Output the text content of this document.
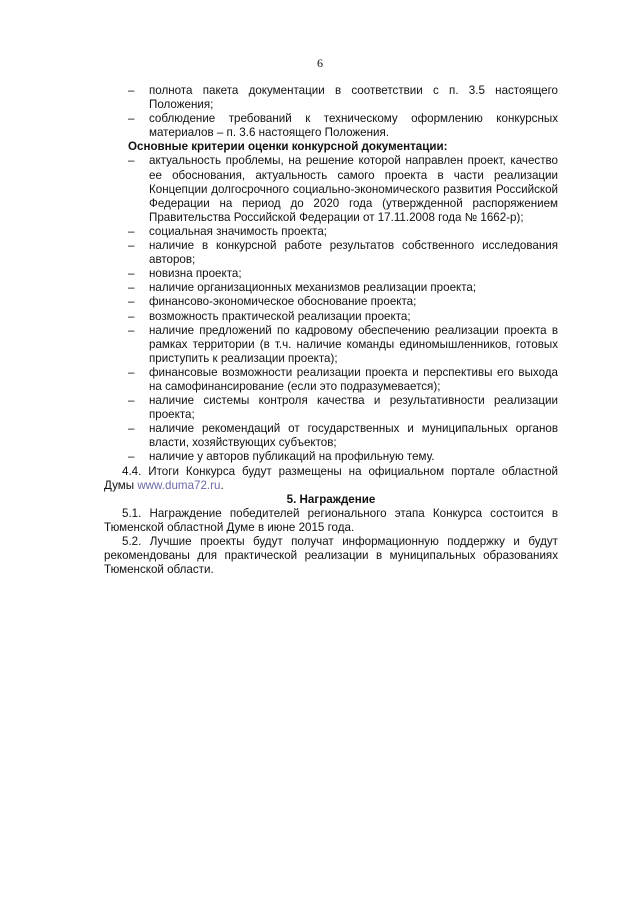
6
– полнота пакета документации в соответствии с п. 3.5 настоящего Положения;
– соблюдение требований к техническому оформлению конкурсных материалов – п. 3.6 настоящего Положения.
Основные критерии оценки конкурсной документации:
– актуальность проблемы, на решение которой направлен проект, качество ее обоснования, актуальность самого проекта в части реализации Концепции долгосрочного социально-экономического развития Российской Федерации на период до 2020 года (утвержденной распоряжением Правительства Российской Федерации от 17.11.2008 года № 1662-р);
– социальная значимость проекта;
– наличие в конкурсной работе результатов собственного исследования авторов;
– новизна проекта;
– наличие организационных механизмов реализации проекта;
– финансово-экономическое обоснование проекта;
– возможность практической реализации проекта;
– наличие предложений по кадровому обеспечению реализации проекта в рамках территории (в т.ч. наличие команды единомышленников, готовых приступить к реализации проекта);
– финансовые возможности реализации проекта и перспективы его выхода на самофинансирование (если это подразумевается);
– наличие системы контроля качества и результативности реализации проекта;
– наличие рекомендаций от государственных и муниципальных органов власти, хозяйствующих субъектов;
– наличие у авторов публикаций на профильную тему.
4.4. Итоги Конкурса будут размещены на официальном портале областной Думы www.duma72.ru.
5. Награждение
5.1. Награждение победителей регионального этапа Конкурса состоится в Тюменской областной Думе в июне 2015 года.
5.2. Лучшие проекты будут получат информационную поддержку и будут рекомендованы для практической реализации в муниципальных образованиях Тюменской области.
